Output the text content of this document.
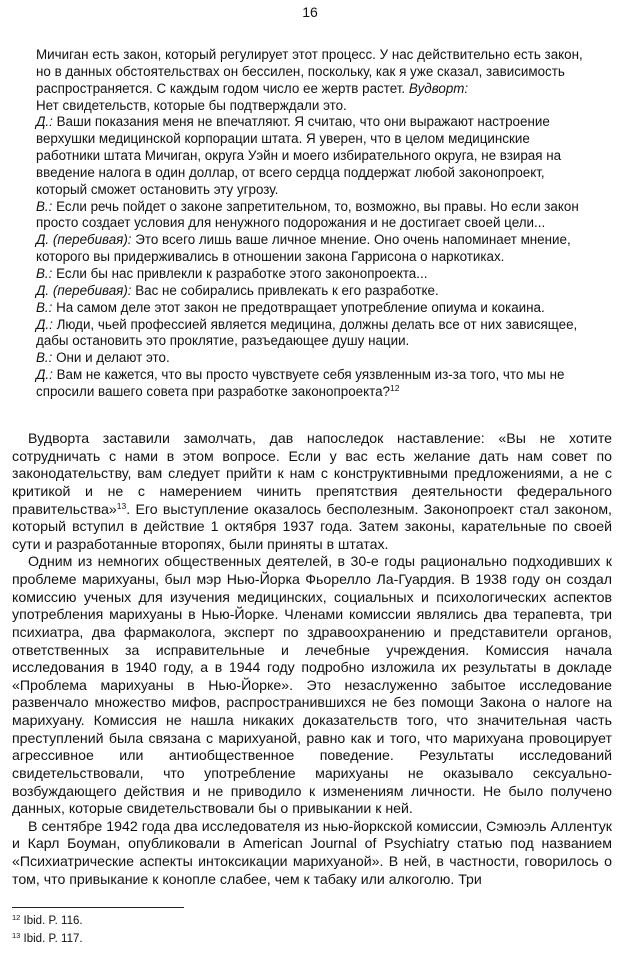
16

Мичиган есть закон, который регулирует этот процесс. У нас действительно есть закон, но в данных обстоятельствах он бессилен, поскольку, как я уже сказал, зависимость распространяется. С каждым годом число ее жертв растет. Вудворт:
Нет свидетельств, которые бы подтверждали это.

Д.: Ваши показания меня не впечатляют. Я считаю, что они выражают настроение верхушки медицинской корпорации штата. Я уверен, что в целом медицинские работники штата Мичиган, округа Уэйн и моего избирательного округа, не взирая на введение налога в один доллар, от всего сердца поддержат любой законопроект, который сможет остановить эту угрозу.

В.: Если речь пойдет о законе запретительном, то, возможно, вы правы. Но если закон просто создает условия для ненужного подорожания и не достигает своей цели...

Д. (перебивая): Это всего лишь ваше личное мнение. Оно очень напоминает мнение, которого вы придерживались в отношении закона Гаррисона о наркотиках.

В.: Если бы нас привлекли к разработке этого законопроекта...

Д. (перебивая): Вас не собирались привлекать к его разработке.

В.: На самом деле этот закон не предотвращает употребление опиума и кокаина.

Д.: Люди, чьей профессией является медицина, должны делать все от них зависящее, дабы остановить это проклятие, разъедающее душу нации.

В.: Они и делают это.

Д.: Вам не кажется, что вы просто чувствуете себя уязвленным из-за того, что мы не спросили вашего совета при разработке законопроекта?$^{12}$

Вудворта заставили замолчать, дав напоследок наставление: «Вы не хотите сотрудничать с нами в этом вопросе. Если у вас есть желание дать нам совет по законодательству, вам следует прийти к нам с конструктивными предложениями, а не с критикой и не с намерением чинить препятствия деятельности федерального правительства»$^{13}$. Его выступление оказалось бесполезным. Законопроект стал законом, который вступил в действие 1 октября 1937 года. Затем законы, карательные по своей сути и разработанные второпях, были приняты в штатах.

Одним из немногих общественных деятелей, в 30-е годы рационально подходивших к проблеме марихуаны, был мэр Нью-Йорка Фьорелло Ла-Гуардия. В 1938 году он создал комиссию ученых для изучения медицинских, социальных и психологических аспектов употребления марихуаны в Нью-Йорке. Членами комиссии являлись два терапевта, три психиатра, два фармаколога, эксперт по здравоохранению и представители органов, ответственных за исправительные и лечебные учреждения. Комиссия начала исследования в 1940 году, а в 1944 году подробно изложила их результаты в докладе «Проблема марихуаны в Нью-Йорке». Это незаслуженно забытое исследование развенчало множество мифов, распространившихся не без помощи Закона о налоге на марихуану. Комиссия не нашла никаких доказательств того, что значительная часть преступлений была связана с марихуаной, равно как и того, что марихуана провоцирует агрессивное или антиобщественное поведение. Результаты исследований свидетельствовали, что употребление марихуаны не оказывало сексуально-возбуждающего действия и не приводило к изменениям личности. Не было получено данных, которые свидетельствовали бы о привыкании к ней.

В сентябре 1942 года два исследователя из нью-йоркской комиссии, Сэмюэль Аллентук и Карл Боуман, опубликовали в American Journal of Psychiatry статью под названием «Психиатрические аспекты интоксикации марихуаной». В ней, в частности, говорилось о том, что привыкание к конопле слабее, чем к табаку или алкоголю. Три

$^{12}$ Ibid. P. 116.

$^{13}$ Ibid. P. 117.
